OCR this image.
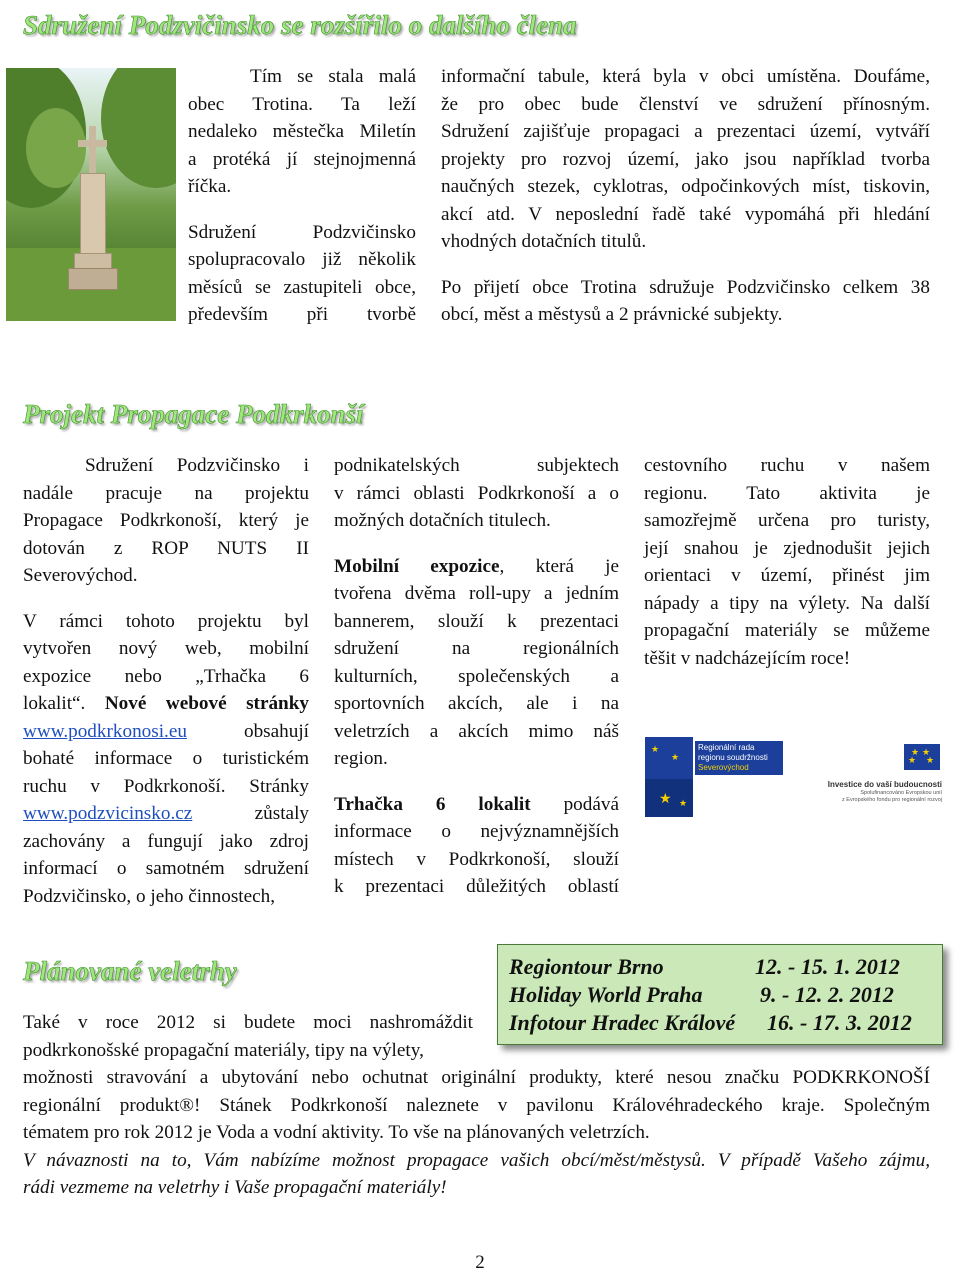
Sdružení Podzvičinsko se rozšířilo o dalšího člena

Tím se stala malá

obec Trotina. Ta leží

nedaleko městečka Miletín

a protéká jí stejnojmenná

říčka.

Sdružení Podzvičinsko

spolupracovalo již několik

měsíců se zastupiteli obce,

především při tvorbě

informační tabule, která byla v obci umístěna. Doufáme,

že pro obec bude členství ve sdružení přínosným.

Sdružení zajišťuje propagaci a prezentaci území, vytváří

projekty pro rozvoj území, jako jsou například tvorba

naučných stezek, cyklotras, odpočinkových míst, tiskovin,

akcí atd. V neposlední řadě také vypomáhá při hledání

vhodných dotačních titulů.

Po přijetí obce Trotina sdružuje Podzvičinsko celkem 38

obcí, měst a městysů a 2 právnické subjekty.

Projekt Propagace Podkrkonší

Sdružení Podzvičinsko i

nadále pracuje na projektu

Propagace Podkrkonoší, který je

dotován z ROP NUTS II

Severovýchod.

V rámci tohoto projektu byl

vytvořen nový web, mobilní

expozice nebo „Trhačka 6

lokalit“. Nové webové stránky

www.podkrkonosi.eu obsahují

bohaté informace o turistickém

ruchu v Podkrkonoší. Stránky

www.podzvicinsko.cz zůstaly

zachovány a fungují jako zdroj

informací o samotném sdružení

Podzvičinsko, o jeho činnostech,

podnikatelských subjektech

v rámci oblasti Podkrkonoší a o

možných dotačních titulech.

Mobilní expozice, která je

tvořena dvěma roll-upy a jedním

bannerem, slouží k prezentaci

sdružení na regionálních

kulturních, společenských a

sportovních akcích, ale i na

veletrzích a akcích mimo náš

region.

Trhačka 6 lokalit podává

informace o nejvýznamnějších

místech v Podkrkonoší, slouží

k prezentaci důležitých oblastí

cestovního ruchu v našem

regionu. Tato aktivita je

samozřejmě určena pro turisty,

její snahou je zjednodušit jejich

orientaci v území, přinést jim

nápady a tipy na výlety. Na další

propagační materiály se můžeme

těšit v nadcházejícím roce!

★
★
★ ★
Regionální rada
regionu soudržnosti
Severovýchod
★ ★
★ ★
Investice do vaší budoucnosti
Spolufinancováno Evropskou unií
z Evropského fondu pro regionální rozvoj
Plánované veletrhy	Regiontour Brno	12. - 15. 1. 2012
Holiday World Praha	9. - 12. 2. 2012
Infotour Hradec Králové 16. - 17. 3. 2012

Také v roce 2012 si budete moci nashromáždit

podkrkonošské propagační materiály, tipy na výlety,

možnosti stravování a ubytování nebo ochutnat originální produkty, které nesou značku PODKRKONOŠÍ

regionální produkt®! Stánek Podkrkonoší naleznete v pavilonu Královéhradeckého kraje. Společným

tématem pro rok 2012 je Voda a vodní aktivity. To vše na plánovaných veletrzích.

V návaznosti na to, Vám nabízíme možnost propagace vašich obcí/měst/městysů. V případě Vašeho zájmu,

rádi vezmeme na veletrhy i Vaše propagační materiály!

2
